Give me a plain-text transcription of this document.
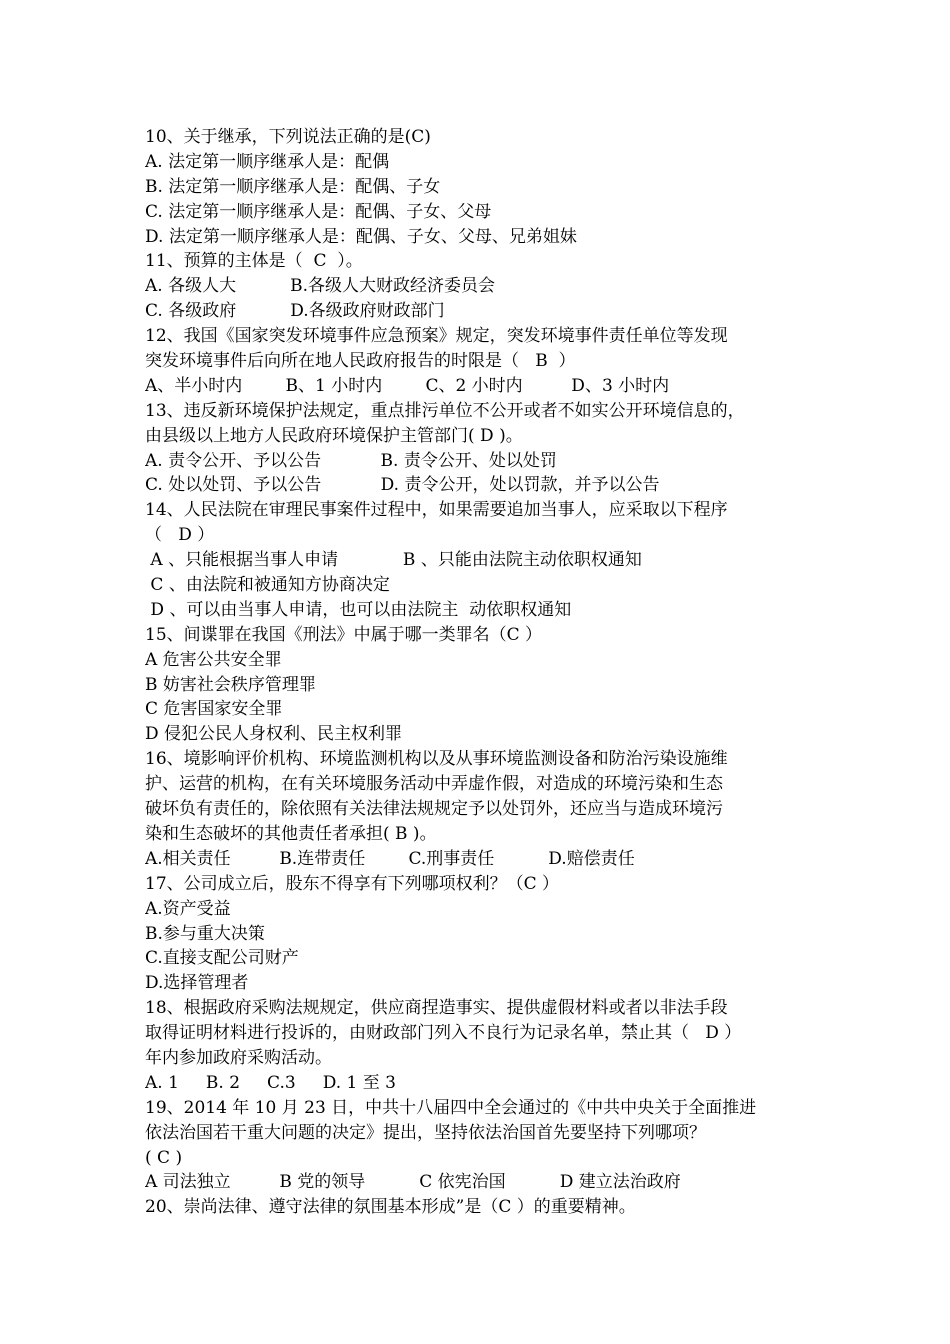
10、关于继承，下列说法正确的是(C)
A. 法定第一顺序继承人是：配偶
B. 法定第一顺序继承人是：配偶、子女
C. 法定第一顺序继承人是：配偶、子女、父母
D. 法定第一顺序继承人是：配偶、子女、父母、兄弟姐妹
11、预算的主体是（  C  ）。
A. 各级人大          B.各级人大财政经济委员会
C. 各级政府          D.各级政府财政部门
12、我国《国家突发环境事件应急预案》规定，突发环境事件责任单位等发现
突发环境事件后向所在地人民政府报告的时限是（   B  ）
A、半小时内        B、1 小时内        C、2 小时内         D、3 小时内
13、违反新环境保护法规定，重点排污单位不公开或者不如实公开环境信息的，
由县级以上地方人民政府环境保护主管部门( D )。
A. 责令公开、予以公告           B. 责令公开、处以处罚
C. 处以处罚、予以公告           D. 责令公开，处以罚款，并予以公告
14、人民法院在审理民事案件过程中，如果需要追加当事人，应采取以下程序
（   D ）
A 、只能根据当事人申请            B 、只能由法院主动依职权通知
C 、由法院和被通知方协商决定
D 、可以由当事人申请，也可以由法院主  动依职权通知
15、间谍罪在我国《刑法》中属于哪一类罪名（C ）
A 危害公共安全罪
B 妨害社会秩序管理罪
C 危害国家安全罪
D 侵犯公民人身权利、民主权利罪
16、境影响评价机构、环境监测机构以及从事环境监测设备和防治污染设施维
护、运营的机构，在有关环境服务活动中弄虚作假，对造成的环境污染和生态
破坏负有责任的，除依照有关法律法规规定予以处罚外，还应当与造成环境污
染和生态破坏的其他责任者承担( B )。
A.相关责任         B.连带责任        C.刑事责任          D.赔偿责任
17、公司成立后，股东不得享有下列哪项权利？（C ）
A.资产受益
B.参与重大决策
C.直接支配公司财产
D.选择管理者
18、根据政府采购法规规定，供应商捏造事实、提供虚假材料或者以非法手段
取得证明材料进行投诉的，由财政部门列入不良行为记录名单，禁止其（   D ）
年内参加政府采购活动。
A. 1     B. 2     C.3     D. 1 至 3
19、2014 年 10 月 23 日，中共十八届四中全会通过的《中共中央关于全面推进
依法治国若干重大问题的决定》提出，坚持依法治国首先要坚持下列哪项？
( C )
A 司法独立         B 党的领导          C 依宪治国          D 建立法治政府
20、崇尚法律、遵守法律的氛围基本形成”是（C ）的重要精神。
